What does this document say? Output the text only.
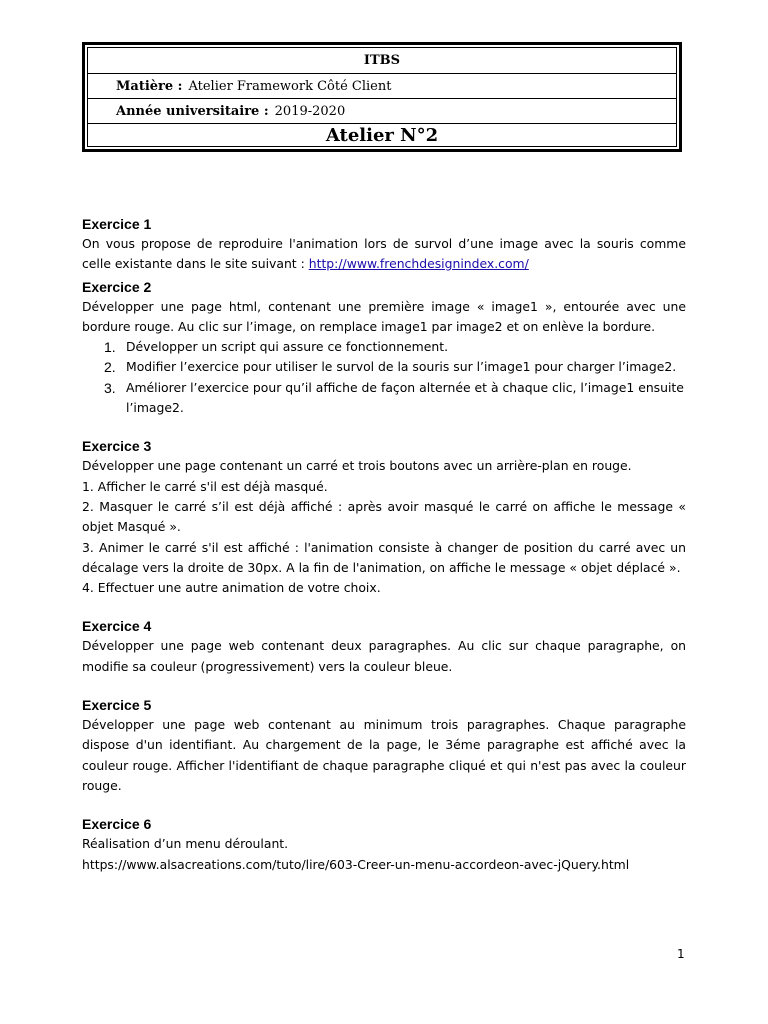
ITBS
Matière : Atelier Framework Côté Client
Année universitaire : 2019-2020
Atelier N°2
Exercice 1

On vous propose de reproduire l'animation lors de survol d’une image avec la souris comme celle existante dans le site suivant : http://www.frenchdesignindex.com/

Exercice 2

Développer une page html, contenant une première image « image1 », entourée avec une bordure rouge. Au clic sur l’image, on remplace image1 par image2 et on enlève la bordure.

1. Développer un script qui assure ce fonctionnement.
2. Modifier l’exercice pour utiliser le survol de la souris sur l’image1 pour charger l’image2.
3. Améliorer l’exercice pour qu’il affiche de façon alternée et à chaque clic, l’image1 ensuite l’image2.
Exercice 3

Développer une page contenant un carré et trois boutons avec un arrière-plan en rouge.

1. Afficher le carré s'il est déjà masqué.

2. Masquer le carré s’il est déjà affiché : après avoir masqué le carré on affiche le message « objet Masqué ».

3. Animer le carré s'il est affiché : l'animation consiste à changer de position du carré avec un décalage vers la droite de 30px. A la fin de l'animation, on affiche le message « objet déplacé ».

4. Effectuer une autre animation de votre choix.

Exercice 4

Développer une page web contenant deux paragraphes. Au clic sur chaque paragraphe, on modifie sa couleur (progressivement) vers la couleur bleue.

Exercice 5

Développer une page web contenant au minimum trois paragraphes. Chaque paragraphe dispose d'un identifiant. Au chargement de la page, le 3éme paragraphe est affiché avec la couleur rouge. Afficher l'identifiant de chaque paragraphe cliqué et qui n'est pas avec la couleur rouge.

Exercice 6

Réalisation d’un menu déroulant.

https://www.alsacreations.com/tuto/lire/603-Creer-un-menu-accordeon-avec-jQuery.html

1
